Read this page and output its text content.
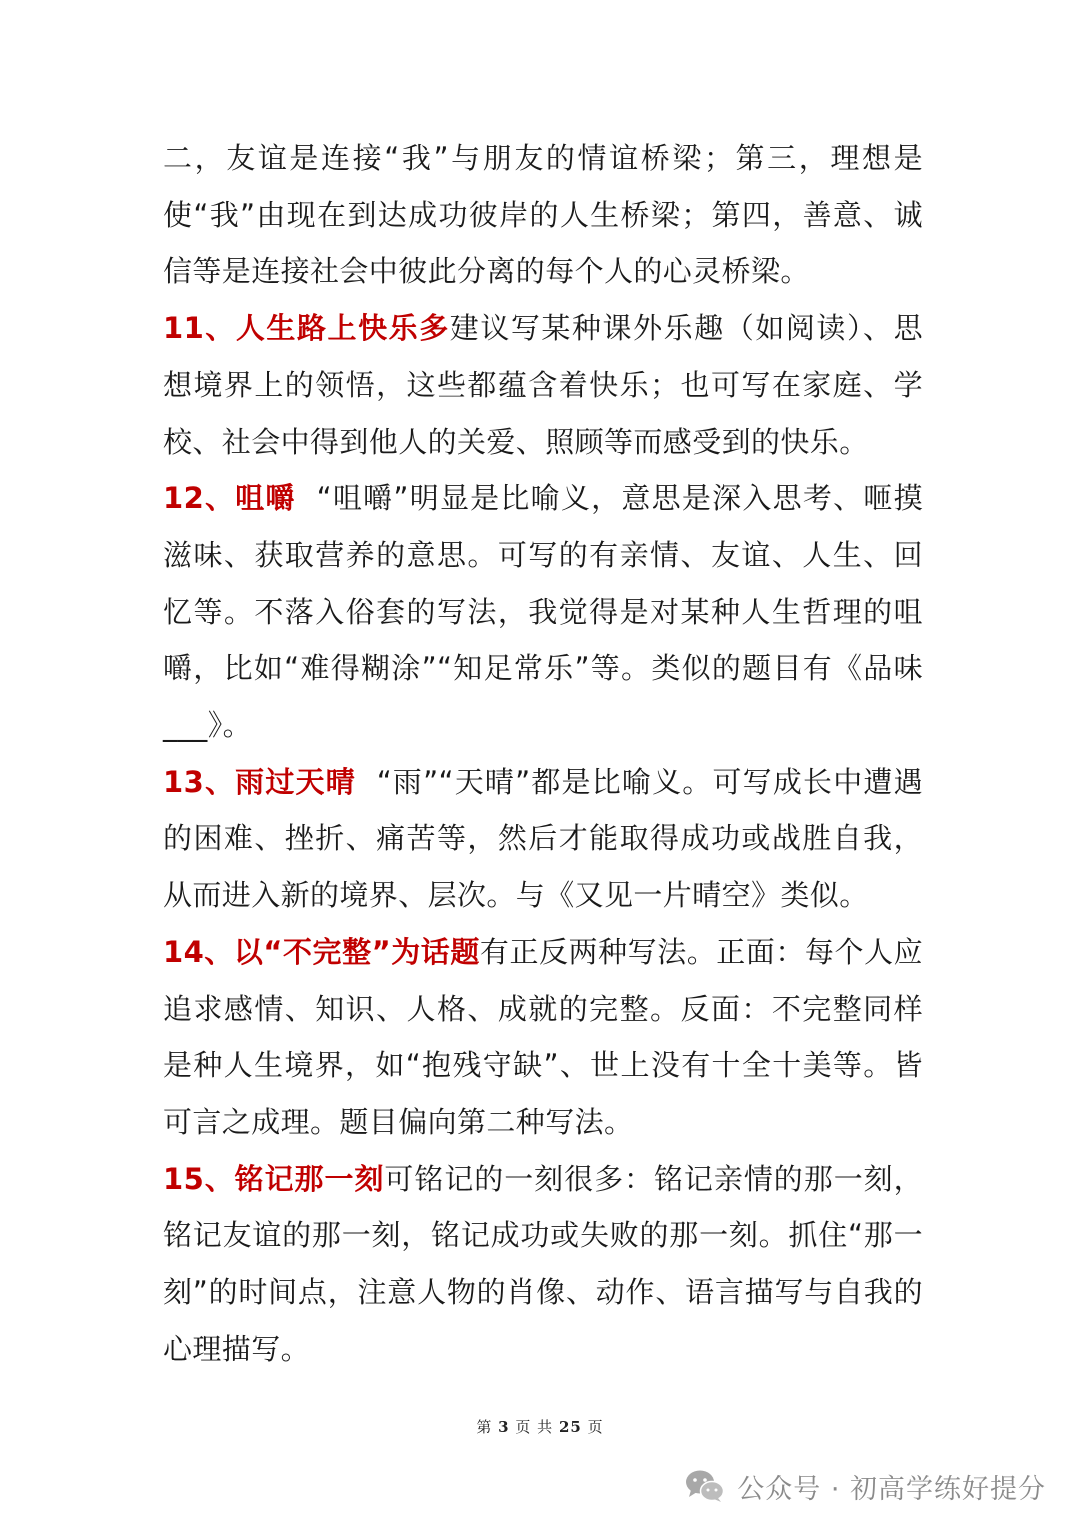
二，友谊是连接“我”与朋友的情谊桥梁；第三，理想是使“我”由现在到达成功彼岸的人生桥梁；第四，善意、诚信等是连接社会中彼此分离的每个人的心灵桥梁。

11、人生路上快乐多建议写某种课外乐趣（如阅读）、思想境界上的领悟，这些都蕴含着快乐；也可写在家庭、学校、社会中得到他人的关爱、照顾等而感受到的快乐。

12、咀嚼 “咀嚼”明显是比喻义，意思是深入思考、咂摸滋味、获取营养的意思。可写的有亲情、友谊、人生、回忆等。不落入俗套的写法，我觉得是对某种人生哲理的咀嚼，比如“难得糊涂”“知足常乐”等。类似的题目有《品味___》。

13、雨过天晴 “雨”“天晴”都是比喻义。可写成长中遭遇的困难、挫折、痛苦等，然后才能取得成功或战胜自我，从而进入新的境界、层次。与《又见一片晴空》类似。

14、以“不完整”为话题有正反两种写法。正面：每个人应追求感情、知识、人格、成就的完整。反面：不完整同样是种人生境界，如“抱残守缺”、世上没有十全十美等。皆可言之成理。题目偏向第二种写法。

15、铭记那一刻可铭记的一刻很多：铭记亲情的那一刻，铭记友谊的那一刻，铭记成功或失败的那一刻。抓住“那一刻”的时间点，注意人物的肖像、动作、语言描写与自我的心理描写。

第 3 页 共 25 页
公众号 · 初高学练好提分
